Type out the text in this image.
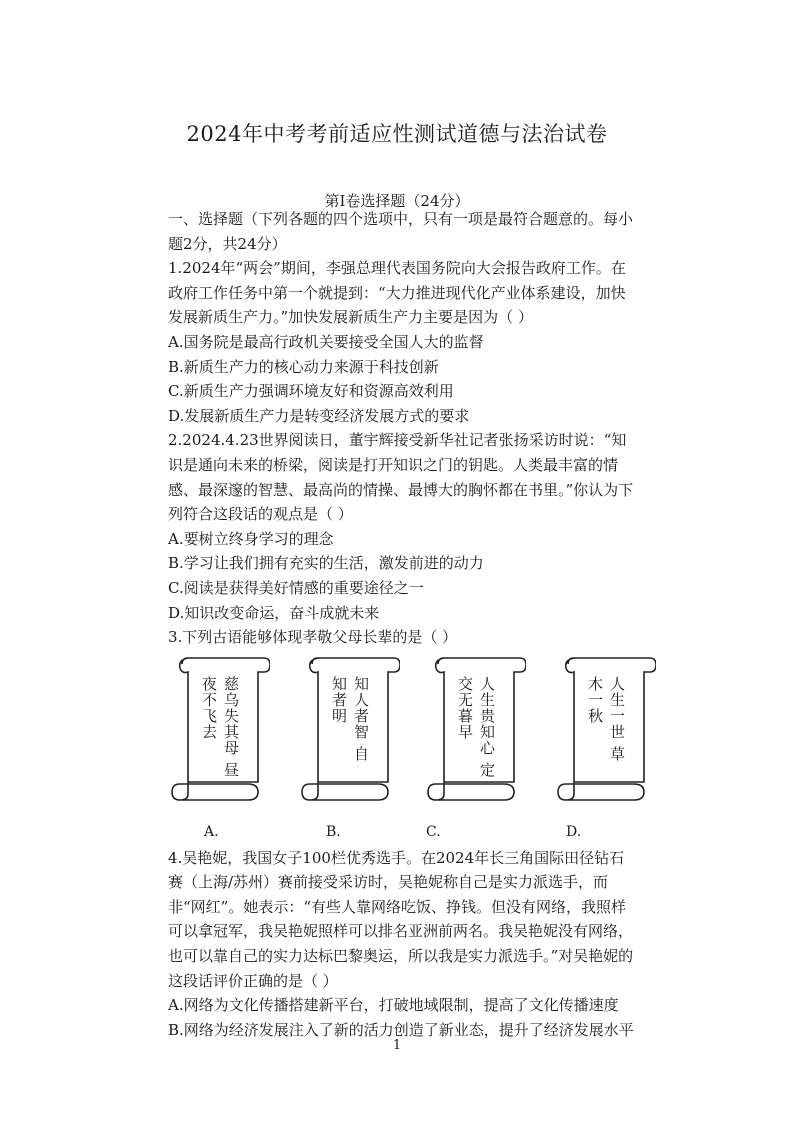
2024年中考考前适应性测试道德与法治试卷
第Ⅰ卷选择题（24分）

一、选择题（下列各题的四个选项中，只有一项是最符合题意的。每小题2分，共24分）

1.2024年“两会”期间，李强总理代表国务院向大会报告政府工作。在政府工作任务中第一个就提到：“大力推进现代化产业体系建设，加快发展新质生产力。”加快发展新质生产力主要是因为（ ）

A.国务院是最高行政机关要接受全国人大的监督

B.新质生产力的核心动力来源于科技创新

C.新质生产力强调环境友好和资源高效利用

D.发展新质生产力是转变经济发展方式的要求

2.2024.4.23世界阅读日，董宇辉接受新华社记者张扬采访时说：“知识是通向未来的桥梁，阅读是打开知识之门的钥匙。人类最丰富的情感、最深邃的智慧、最高尚的情操、最博大的胸怀都在书里。”你认为下列符合这段话的观点是（ ）

A.要树立终身学习的理念

B.学习让我们拥有充实的生活，激发前进的动力

C.阅读是获得美好情感的重要途径之一

D.知识改变命运，奋斗成就未来

3.下列古语能够体现孝敬父母长辈的是（ ）

慈乌失其母 昼夜不飞去	知人者智 自知者明	人生贵知心 定交无暮早	人生一世 草木一秋
A.	B.	C.	D.

4.吴艳妮，我国女子100栏优秀选手。在2024年长三角国际田径钻石赛（上海/苏州）赛前接受采访时，吴艳妮称自己是实力派选手，而非“网红”。她表示：“有些人靠网络吃饭、挣钱。但没有网络，我照样可以拿冠军，我吴艳妮照样可以排名亚洲前两名。我吴艳妮没有网络，也可以靠自己的实力达标巴黎奥运，所以我是实力派选手。”对吴艳妮的这段话评价正确的是（ ）

A.网络为文化传播搭建新平台，打破地域限制，提高了文化传播速度

B.网络为经济发展注入了新的活力创造了新业态，提升了经济发展水平

1
